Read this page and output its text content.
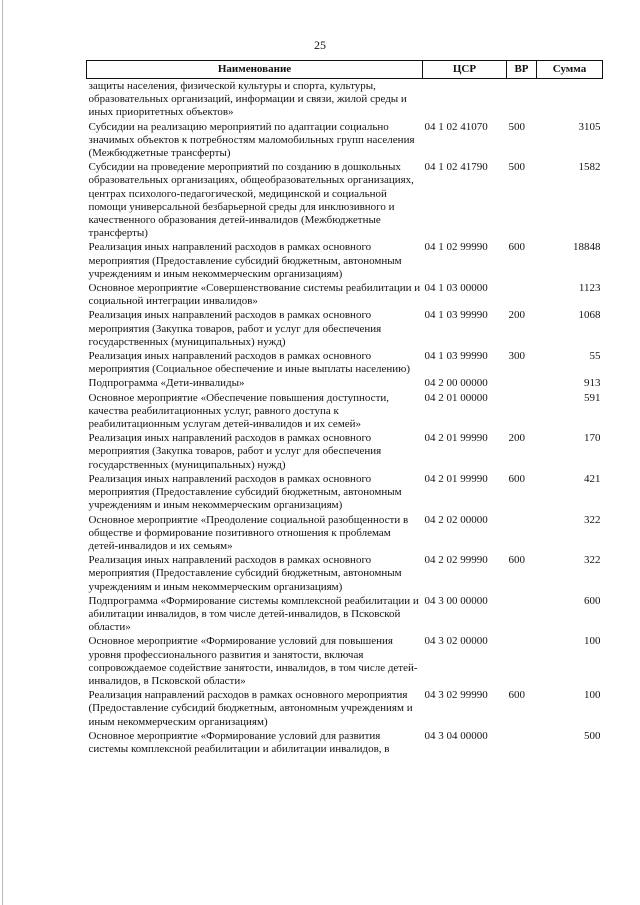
25
Наименование	ЦСР	ВР	Сумма
защиты населения, физической культуры и спорта, культуры, образовательных организаций, информации и связи, жилой среды и иных приоритетных объектов»			
Субсидии на реализацию мероприятий по адаптации социально значимых объектов к потребностям маломобильных групп населения (Межбюджетные трансферты)	04 1 02 41070	500	3105
Субсидии на проведение мероприятий по созданию в дошкольных образовательных организациях, общеобразовательных организациях, центрах психолого-педагогической, медицинской и социальной помощи универсальной безбарьерной среды для инклюзивного и качественного образования детей-инвалидов (Межбюджетные трансферты)	04 1 02 41790	500	1582
Реализация иных направлений расходов в рамках основного мероприятия (Предоставление субсидий бюджетным, автономным учреждениям и иным некоммерческим организациям)	04 1 02 99990	600	18848
Основное мероприятие «Совершенствование системы реабилитации и социальной интеграции инвалидов»	04 1 03 00000		1123
Реализация иных направлений расходов в рамках основного мероприятия (Закупка товаров, работ и услуг для обеспечения государственных (муниципальных) нужд)	04 1 03 99990	200	1068
Реализация иных направлений расходов в рамках основного мероприятия (Социальное обеспечение и иные выплаты населению)	04 1 03 99990	300	55
Подпрограмма «Дети-инвалиды»	04 2 00 00000		913
Основное мероприятие «Обеспечение повышения доступности, качества реабилитационных услуг, равного доступа к реабилитационным услугам детей-инвалидов и их семей»	04 2 01 00000		591
Реализация иных направлений расходов в рамках основного мероприятия (Закупка товаров, работ и услуг для обеспечения государственных (муниципальных) нужд)	04 2 01 99990	200	170
Реализация иных направлений расходов в рамках основного мероприятия (Предоставление субсидий бюджетным, автономным учреждениям и иным некоммерческим организациям)	04 2 01 99990	600	421
Основное мероприятие «Преодоление социальной разобщенности в обществе и формирование позитивного отношения к проблемам детей-инвалидов и их семьям»	04 2 02 00000		322
Реализация иных направлений расходов в рамках основного мероприятия (Предоставление субсидий бюджетным, автономным учреждениям и иным некоммерческим организациям)	04 2 02 99990	600	322
Подпрограмма «Формирование системы комплексной реабилитации и абилитации инвалидов, в том числе детей-инвалидов, в Псковской области»	04 3 00 00000		600
Основное мероприятие «Формирование условий для повышения уровня профессионального развития и занятости, включая сопровождаемое содействие занятости, инвалидов, в том числе детей-инвалидов, в Псковской области»	04 3 02 00000		100
Реализация направлений расходов в рамках основного мероприятия (Предоставление субсидий бюджетным, автономным учреждениям и иным некоммерческим организациям)	04 3 02 99990	600	100
Основное мероприятие «Формирование условий для развития системы комплексной реабилитации и абилитации инвалидов, в	04 3 04 00000		500
